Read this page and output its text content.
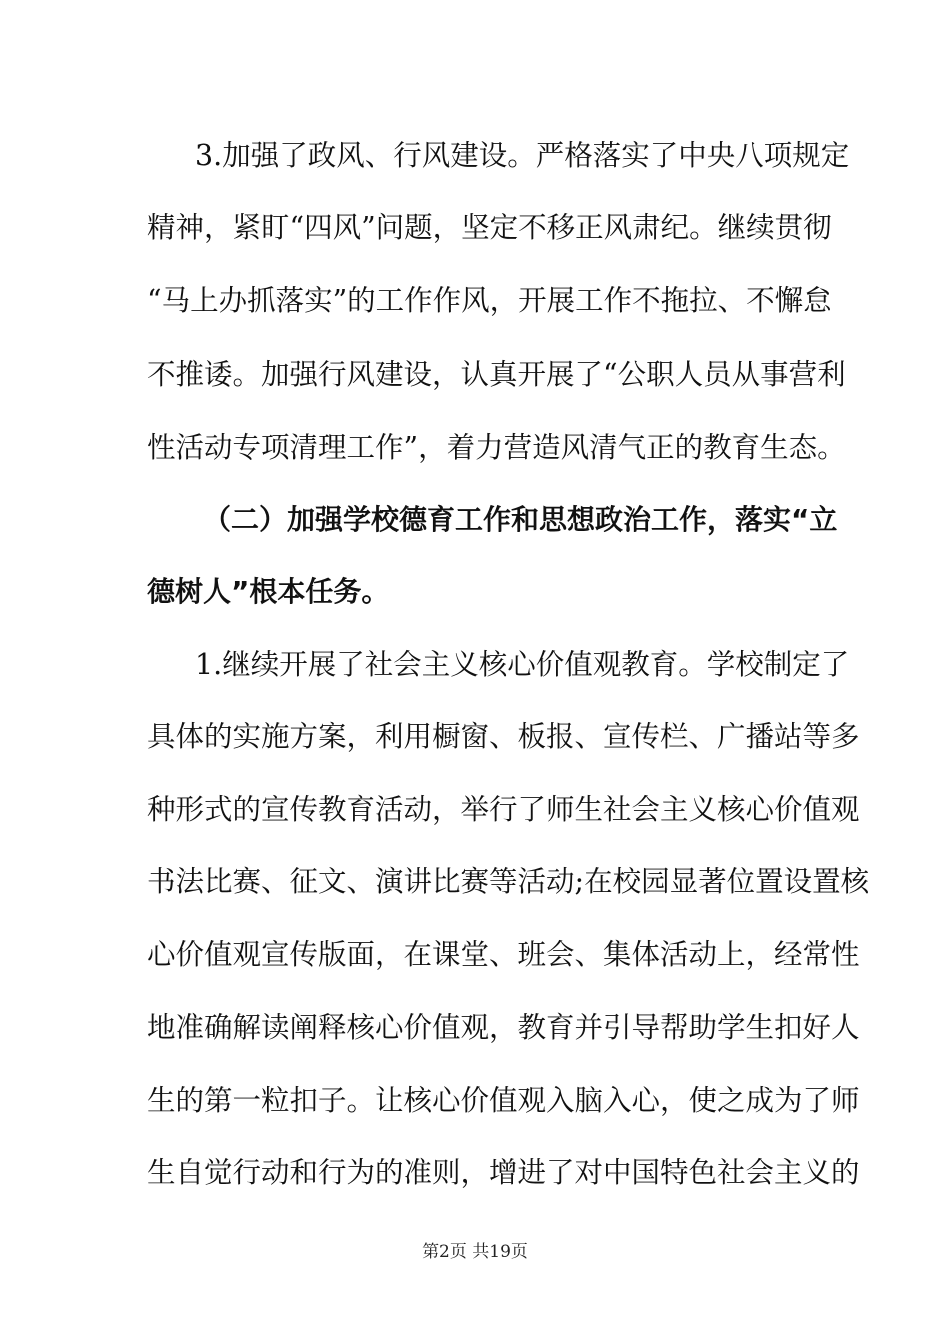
3.加强了政风、行风建设。严格落实了中央八项规定
精神，紧盯“四风”问题，坚定不移正风肃纪。继续贯彻
“马上办抓落实”的工作作风，开展工作不拖拉、不懈怠
不推诿。加强行风建设，认真开展了“公职人员从事营利
性活动专项清理工作”，着力营造风清气正的教育生态。
（二）加强学校德育工作和思想政治工作，落实“立
德树人”根本任务。
1.继续开展了社会主义核心价值观教育。学校制定了
具体的实施方案，利用橱窗、板报、宣传栏、广播站等多
种形式的宣传教育活动，举行了师生社会主义核心价值观
书法比赛、征文、演讲比赛等活动;在校园显著位置设置核
心价值观宣传版面，在课堂、班会、集体活动上，经常性
地准确解读阐释核心价值观，教育并引导帮助学生扣好人
生的第一粒扣子。让核心价值观入脑入心，使之成为了师
生自觉行动和行为的准则，增进了对中国特色社会主义的
第2页 共19页
